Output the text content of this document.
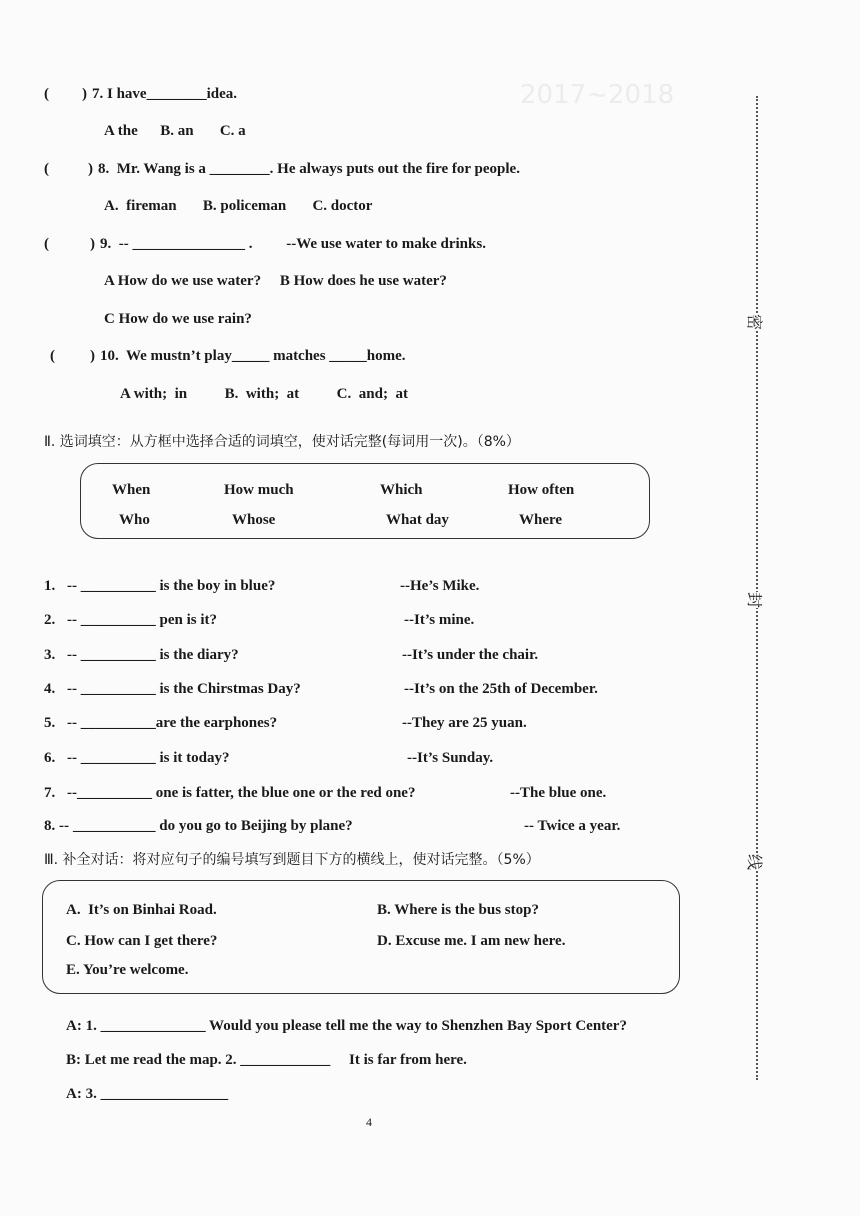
2017~2018
( ) 7. I have________idea.
A the      B. an       C. a
(	) 8.  Mr. Wang is a ________. He always puts out the fire for people.
A.  fireman       B. policeman       C. doctor
(	) 9.  -- _______________ .         --We use water to make drinks.
A How do we use water?     B How does he use water?
C How do we use rain?
( ) 10.  We mustn’t play_____ matches _____home.
A with;  in          B.  with;  at          C.  and;  at
Ⅱ. 选词填空：从方框中选择合适的词填空，使对话完整(每词用一次)。（8%）
When	How much	Which	How often
Who	Whose	What day	Where
1. -- __________ is the boy in blue?	--He’s Mike.
2. -- __________ pen is it?	--It’s mine.
3. -- __________ is the diary?	--It’s under the chair.
4. -- __________ is the Chirstmas Day?	--It’s on the 25th of December.
5. -- __________are the earphones?	--They are 25 yuan.
6. -- __________ is it today?	--It’s Sunday.
7. --__________ one is fatter, the blue one or the red one?	--The blue one.
8. -- ___________ do you go to Beijing by plane?	-- Twice a year.
Ⅲ. 补全对话：将对应句子的编号填写到题目下方的横线上，使对话完整。（5%）
A.  It’s on Binhai Road.	B. Where is the bus stop?
C. How can I get there?	D. Excuse me. I am new here.
E. You’re welcome.
A: 1. ______________ Would you please tell me the way to Shenzhen Bay Sport Center?
B: Let me read the map. 2. ____________     It is far from here.
A: 3. _________________
4
密
封
线
